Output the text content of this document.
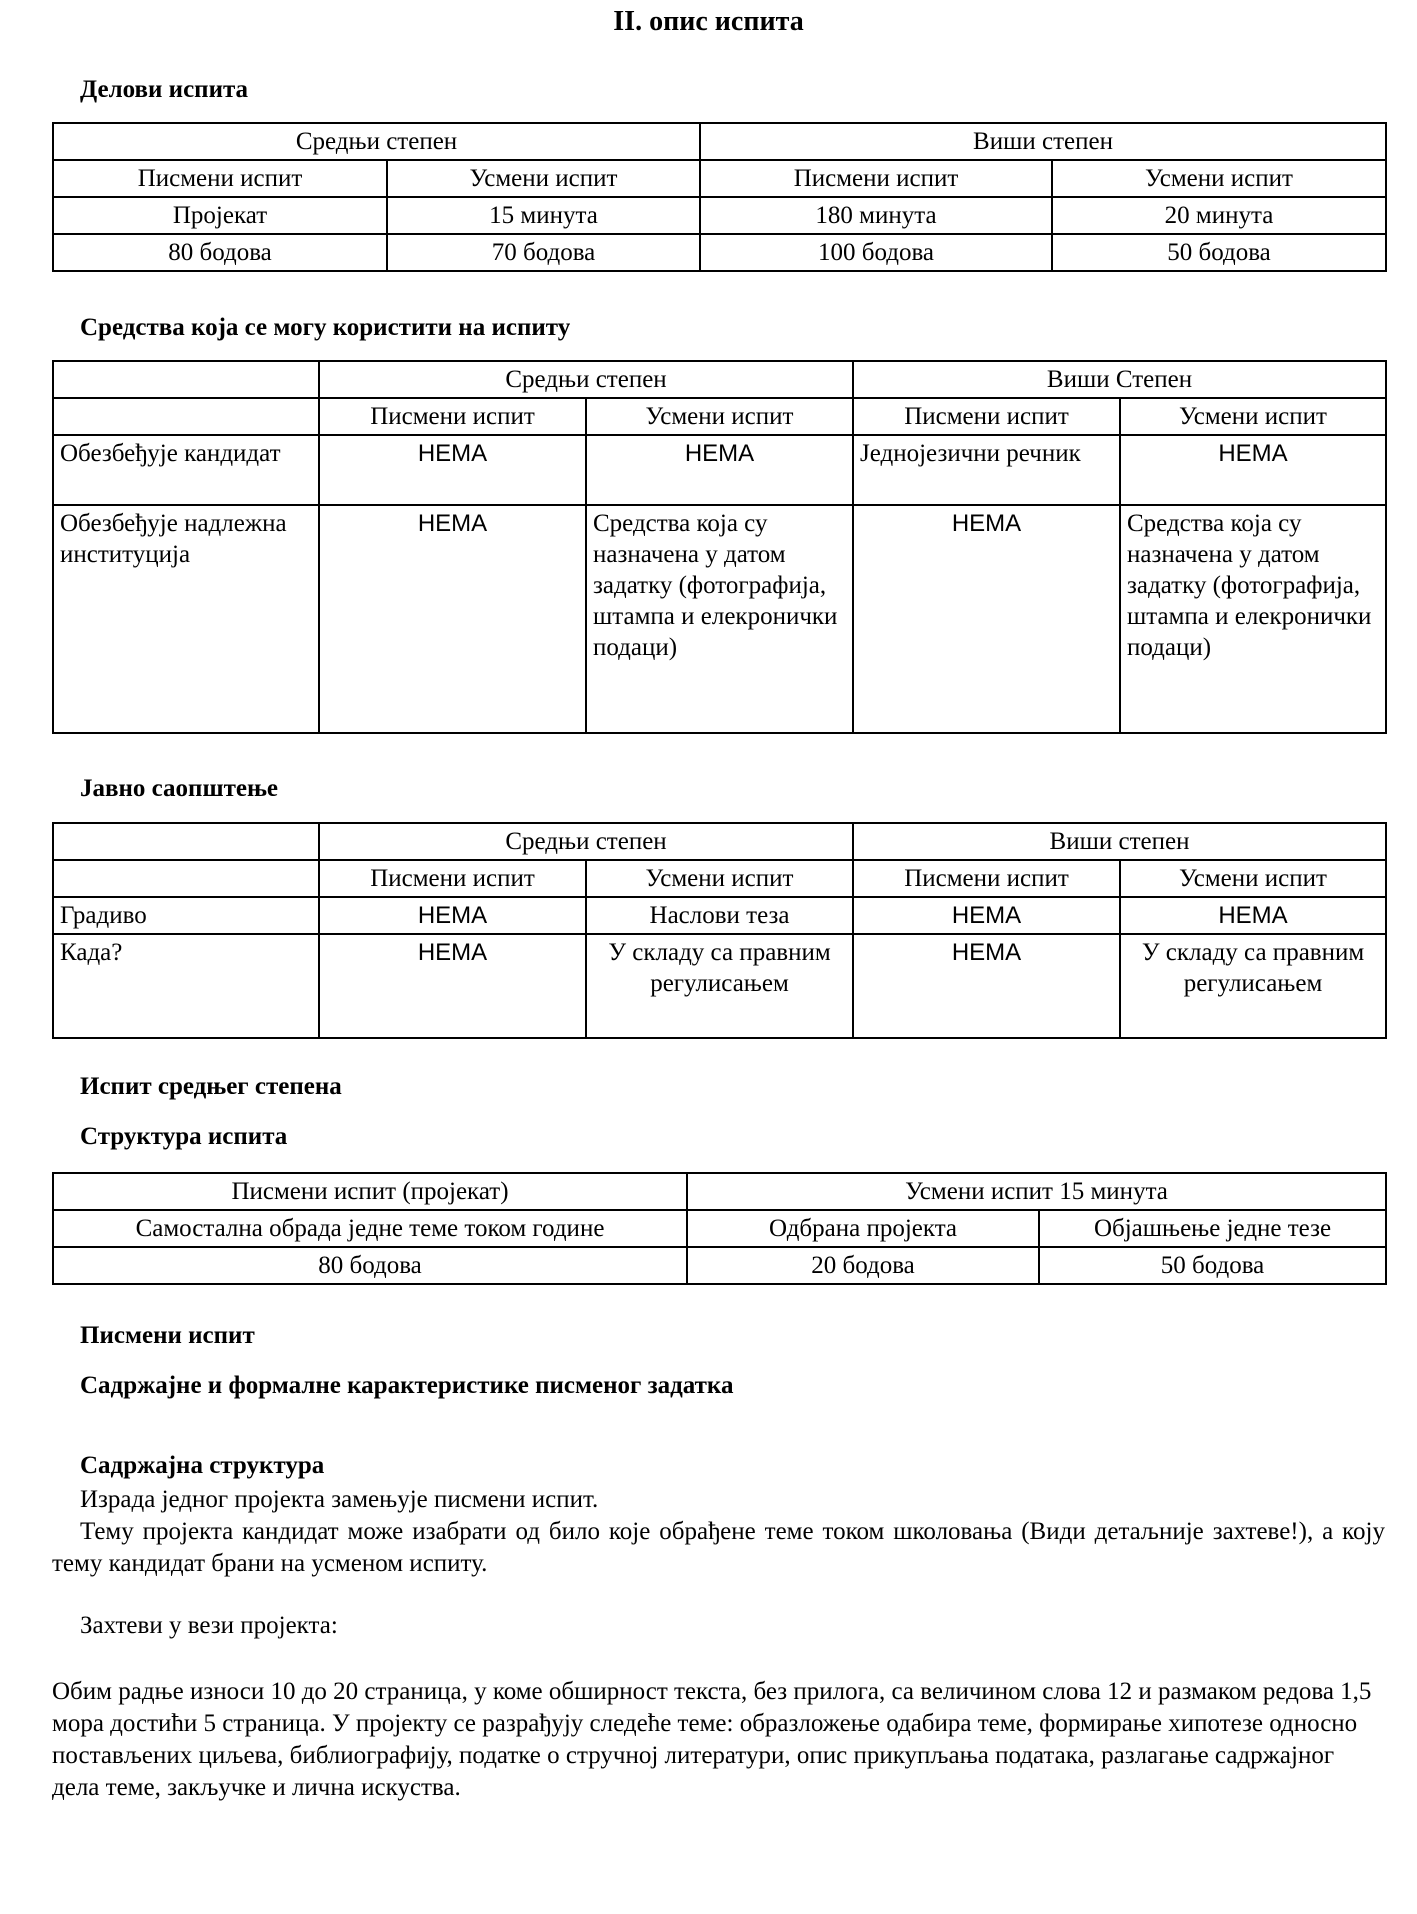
II. опис испита
Делови испита
Средњи степен		Виши степен	
Писмени испит	Усмени испит	Писмени испит	Усмени испит
Пројекат	15 минута	180 минута	20 минута
80 бодова	70 бодова	100 бодова	50 бодова
Средства која се могу користити на испиту
	Средњи степен		Виши Степен	
	Писмени испит	Усмени испит	Писмени испит	Усмени испит
Обезбеђује кандидат	НЕМА	НЕМА	Једнојезични речник	НЕМА
Обезбеђује надлежна институција	НЕМА	Средства која су назначена у датом задатку (фотографија, штампа и елекронички подаци)	НЕМА	Средства која су назначена у датом задатку (фотографија, штампа и елекронички подаци)
Јавно саопштење
	Средњи степен		Виши степен	
	Писмени испит	Усмени испит	Писмени испит	Усмени испит
Градиво	НЕМА	Наслови теза	НЕМА	НЕМА
Када?	НЕМА	У складу са правним регулисањем	НЕМА	У складу са правним регулисањем
Испит средњег степена
Структура испита
Писмени испит (пројекат)	Усмени испит 15 минута	
Самостална обрада једне теме током године	Одбрана пројекта	Објашњење једне тезе
80 бодова	20 бодова	50 бодова
Писмени испит
Садржајне и формалне карактеристике писменог задатка
Садржајна структура
Израда једног пројекта замењује писмени испит.
Тему пројекта кандидат може изабрати од било које обрађене теме током школовања (Види детаљније захтеве!), а коју тему кандидат брани на усменом испиту.
Захтеви у вези пројекта:
Обим радње износи 10 до 20 страница, у коме обширност текста, без прилога, са величином слова 12 и размаком редова 1,5 мора достићи 5 страница. У пројекту се разрађују следеће теме: образложење одабира теме, формирање хипотезе односно постављених циљева, библиографију, податке о стручној литератури, опис прикупљања података, разлагање садржајног дела теме, закључке и лична искуства.
